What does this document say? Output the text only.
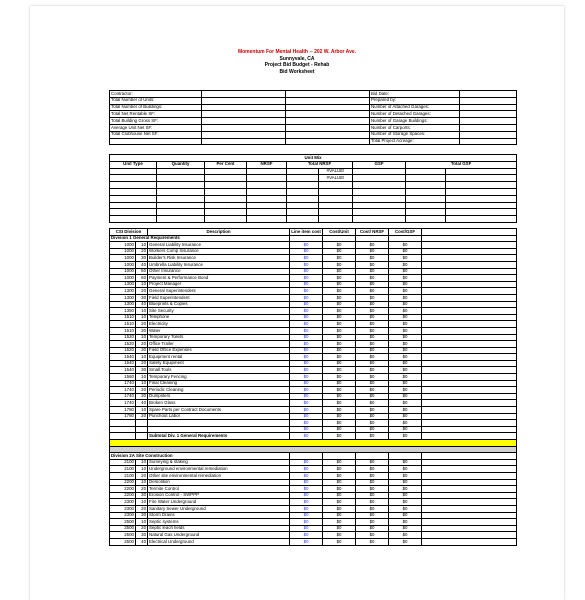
Momentum For Mental Health -- 202 W. Arbor Ave.
Sunnyvale, CA
Project Bid Budget - Rehab
Bid Worksheet
Contractor:			Bid Date:	
Total Number of Units:			Prepared by:	
Total Number of Buildings:			Number of Attached Garages:	
Total Net Rentable SF:			Number of Detached Garages:	
Total Building Gross SF:			Number of Garage Buildings:	
Average Unit Net SF:			Number of Carports:	
Total Clubhouse Net SF:			Number of Storage Spaces:	
			Total Project Acreage:	
Unit Mix								
Unit Type	Quantity	Per Cent	NRSF	Total NRSF		GSF	Total GSF	
					#VALUE!			
					#VALUE!			

CSI Division		Description	Line item cost	Cost/Unit	Cost/ NRSF	Cost/GSF	
Division 1 General Requirements							
1000	10	General Liability Insurance	$0	$0	$0	$0	
1000	20	Workers Comp Insurance	$0	$0	$0	$0	
1000	30	Builder's Risk Insurance	$0	$0	$0	$0	
1000	40	Umbrella Liability Insurance	$0	$0	$0	$0	
1000	50	Other Insurance	$0	$0	$0	$0	
1000	60	Payment & Performance Bond	$0	$0	$0	$0	
1300	10	Project Manager	$0	$0	$0	$0	
1300	20	General Superintendent	$0	$0	$0	$0	
1300	30	Field Superintendent	$0	$0	$0	$0	
1300	40	Blueprints & Copies	$0	$0	$0	$0	
1350	10	Site Security	$0	$0	$0	$0	
1510	10	Telephone	$0	$0	$0	$0	
1510	20	Electricity	$0	$0	$0	$0	
1510	30	Water	$0	$0	$0	$0	
1520	10	Temporary Toilets	$0	$0	$0	$0	
1520	20	Office Trailer	$0	$0	$0	$0	
1520	30	Field Office Expenses	$0	$0	$0	$0	
1540	10	Equipment rental	$0	$0	$0	$0	
1540	20	Safety Equipment	$0	$0	$0	$0	
1540	30	Small Tools	$0	$0	$0	$0	
1560	10	Temporary Fencing	$0	$0	$0	$0	
1740	10	Final Cleaning	$0	$0	$0	$0	
1740	20	Periodic Cleaning	$0	$0	$0	$0	
1740	30	Dumpsters	$0	$0	$0	$0	
1740	40	Broken Glass	$0	$0	$0	$0	
1780	10	Spare Parts per Contract Documents	$0	$0	$0	$0	
1780	20	Punchout Labor	$0	$0	$0	$0	
			$0	$0	$0	$0	
			$0	$0	$0	$0	
		Subtotal Div. 1 General Requirements	$0	$0	$0	$0	

Division 2A Site Construction							
2100	10	Surveying & staking	$0	$0	$0	$0	
2100	10	Underground environmental remediation	$0	$0	$0	$0	
2100	20	Other site environmental remediation	$0	$0	$0	$0	
2200	10	Demolition	$0	$0	$0	$0	
2200	20	Termite Control	$0	$0	$0	$0	
2200	30	Erosion Control - SWPPP	$0	$0	$0	$0	
2300	10	Fire Water Underground	$0	$0	$0	$0	
2300	20	Sanitary Sewer Underground	$0	$0	$0	$0	
2300	30	Storm Drains	$0	$0	$0	$0	
2500	10	Septic systems	$0	$0	$0	$0	
2500	20	Septic leach fields	$0	$0	$0	$0	
2500	30	Natural Gas Underground	$0	$0	$0	$0	
2500	40	Electrical Underground	$0	$0	$0	$0	
